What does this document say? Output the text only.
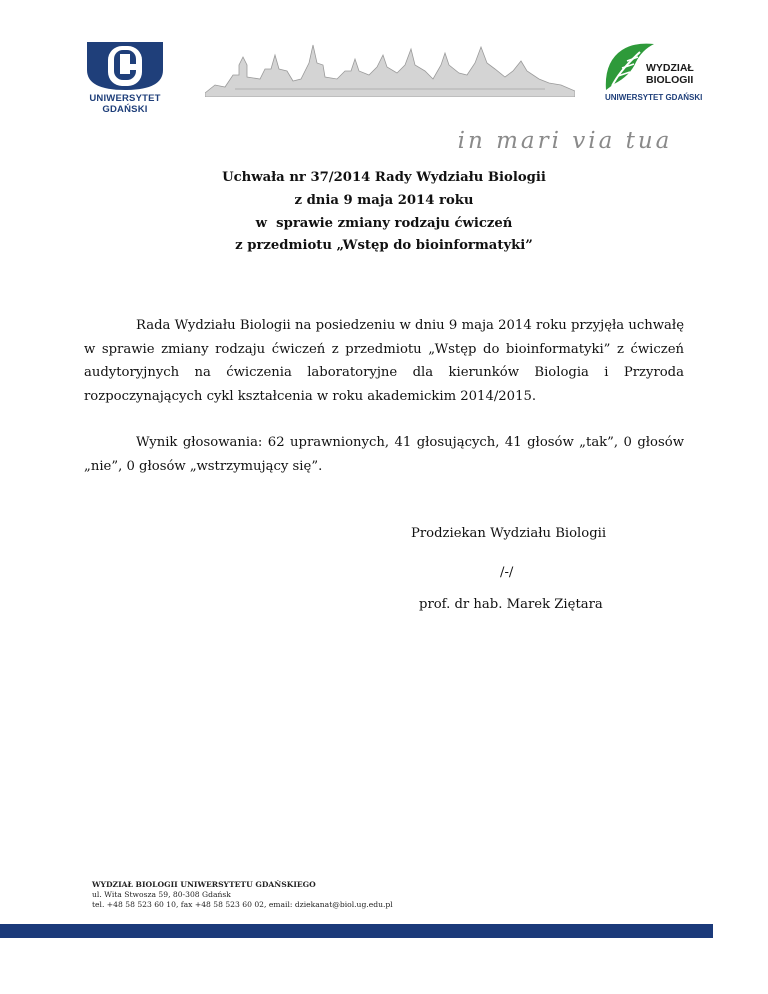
UNIWERSYTET GDAŃSKI
in mari via tua
WYDZIAŁ BIOLOGII
UNIWERSYTET GDAŃSKI
Uchwała nr 37/2014 Rady Wydziału Biologii
z dnia 9 maja 2014 roku
w  sprawie zmiany rodzaju ćwiczeń
z przedmiotu „Wstęp do bioinformatyki”

Rada Wydziału Biologii na posiedzeniu w dniu 9 maja 2014 roku przyjęła uchwałę w sprawie zmiany rodzaju ćwiczeń z przedmiotu „Wstęp do bioinformatyki” z ćwiczeń audytoryjnych na ćwiczenia laboratoryjne dla kierunków Biologia i Przyroda rozpoczynających cykl kształcenia w roku akademickim 2014/2015.

Wynik głosowania: 62 uprawnionych, 41 głosujących, 41 głosów „tak”, 0 głosów „nie”, 0 głosów „wstrzymujący się”.

Prodziekan Wydziału Biologii
/-/
prof. dr hab. Marek Ziętara
WYDZIAŁ BIOLOGII UNIWERSYTETU GDAŃSKIEGO
ul. Wita Stwosza 59, 80-308 Gdańsk
tel. +48 58 523 60 10, fax +48 58 523 60 02, email: dziekanat@biol.ug.edu.pl
